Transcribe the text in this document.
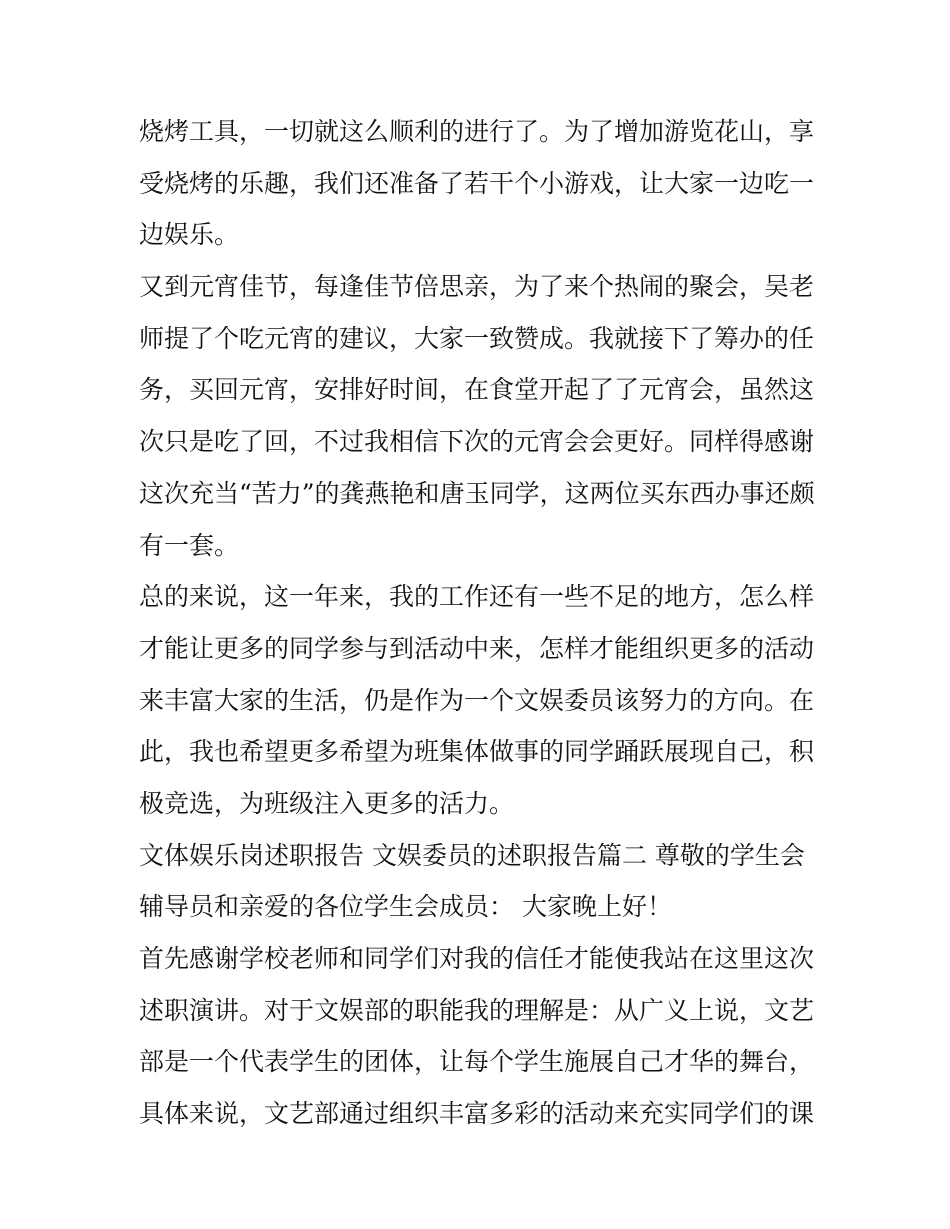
烧烤工具，一切就这么顺利的进行了。为了增加游览花山，享
受烧烤的乐趣，我们还准备了若干个小游戏，让大家一边吃一
边娱乐。
又到元宵佳节，每逢佳节倍思亲，为了来个热闹的聚会，吴老
师提了个吃元宵的建议，大家一致赞成。我就接下了筹办的任
务，买回元宵，安排好时间，在食堂开起了了元宵会，虽然这
次只是吃了回，不过我相信下次的元宵会会更好。同样得感谢
这次充当“苦力”的龚燕艳和唐玉同学，这两位买东西办事还颇
有一套。
总的来说，这一年来，我的工作还有一些不足的地方，怎么样
才能让更多的同学参与到活动中来，怎样才能组织更多的活动
来丰富大家的生活，仍是作为一个文娱委员该努力的方向。在
此，我也希望更多希望为班集体做事的同学踊跃展现自己，积
极竞选，为班级注入更多的活力。
文体娱乐岗述职报告 文娱委员的述职报告篇二 尊敬的学生会
辅导员和亲爱的各位学生会成员： 大家晚上好！
首先感谢学校老师和同学们对我的信任才能使我站在这里这次
述职演讲。对于文娱部的职能我的理解是：从广义上说，文艺
部是一个代表学生的团体，让每个学生施展自己才华的舞台，
具体来说，文艺部通过组织丰富多彩的活动来充实同学们的课
